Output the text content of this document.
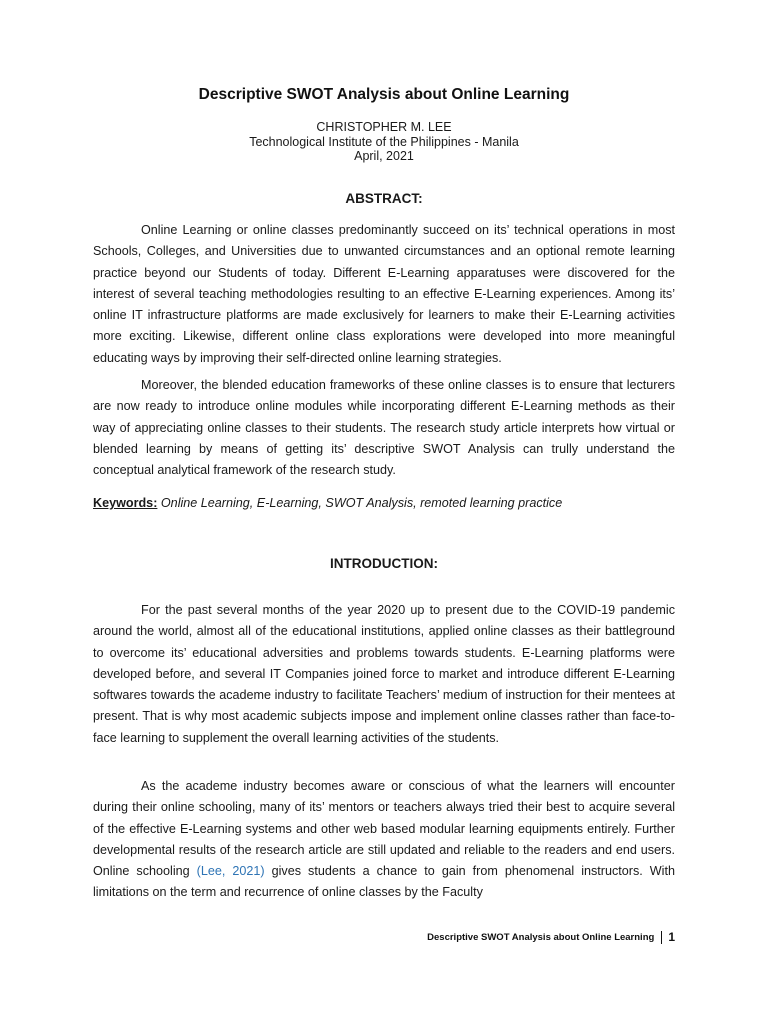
Descriptive SWOT Analysis about Online Learning
CHRISTOPHER M. LEE
Technological Institute of the Philippines - Manila
April, 2021
ABSTRACT:

Online Learning or online classes predominantly succeed on its’ technical operations in most Schools, Colleges, and Universities due to unwanted circumstances and an optional remote learning practice beyond our Students of today. Different E-Learning apparatuses were discovered for the interest of several teaching methodologies resulting to an effective E-Learning experiences. Among its’ online IT infrastructure platforms are made exclusively for learners to make their E-Learning activities more exciting. Likewise, different online class explorations were developed into more meaningful educating ways by improving their self-directed online learning strategies.

Moreover, the blended education frameworks of these online classes is to ensure that lecturers are now ready to introduce online modules while incorporating different E-Learning methods as their way of appreciating online classes to their students. The research study article interprets how virtual or blended learning by means of getting its’ descriptive SWOT Analysis can trully understand the conceptual analytical framework of the research study.

Keywords: Online Learning, E-Learning, SWOT Analysis, remoted learning practice
INTRODUCTION:

For the past several months of the year 2020 up to present due to the COVID-19 pandemic around the world, almost all of the educational institutions, applied online classes as their battleground to overcome its’ educational adversities and problems towards students. E-Learning platforms were developed before, and several IT Companies joined force to market and introduce different E-Learning softwares towards the academe industry to facilitate Teachers’ medium of instruction for their mentees at present. That is why most academic subjects impose and implement online classes rather than face-to-face learning to supplement the overall learning activities of the students.

As the academe industry becomes aware or conscious of what the learners will encounter during their online schooling, many of its’ mentors or teachers always tried their best to acquire several of the effective E-Learning systems and other web based modular learning equipments entirely. Further developmental results of the research article are still updated and reliable to the readers and end users. Online schooling (Lee, 2021) gives students a chance to gain from phenomenal instructors. With limitations on the term and recurrence of online classes by the Faculty

Descriptive SWOT Analysis about Online Learning 1
